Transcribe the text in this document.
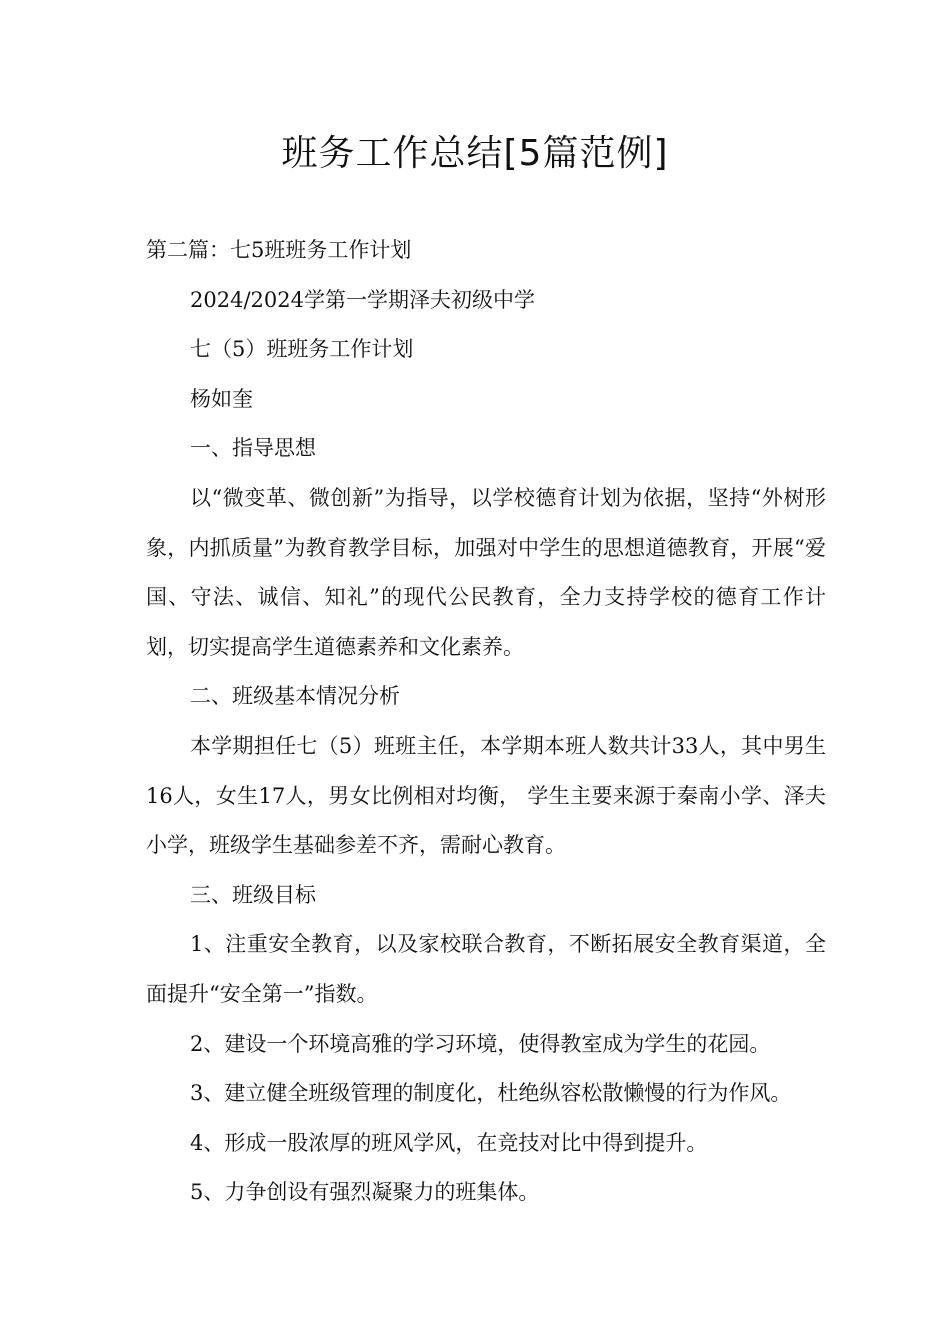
班务工作总结[5篇范例]

第二篇：七5班班务工作计划

2024/2024学第一学期泽夫初级中学

七（5）班班务工作计划

杨如奎

一、指导思想

以“微变革、微创新”为指导，以学校德育计划为依据，坚持“外树形象，内抓质量”为教育教学目标，加强对中学生的思想道德教育，开展“爱国、守法、诚信、知礼”的现代公民教育，全力支持学校的德育工作计划，切实提高学生道德素养和文化素养。

二、班级基本情况分析

本学期担任七（5）班班主任，本学期本班人数共计33人，其中男生16人，女生17人，男女比例相对均衡， 学生主要来源于秦南小学、泽夫小学，班级学生基础参差不齐，需耐心教育。

三、班级目标

1、注重安全教育，以及家校联合教育，不断拓展安全教育渠道，全面提升“安全第一”指数。

2、建设一个环境高雅的学习环境，使得教室成为学生的花园。

3、建立健全班级管理的制度化，杜绝纵容松散懒慢的行为作风。

4、形成一股浓厚的班风学风，在竞技对比中得到提升。

5、力争创设有强烈凝聚力的班集体。
